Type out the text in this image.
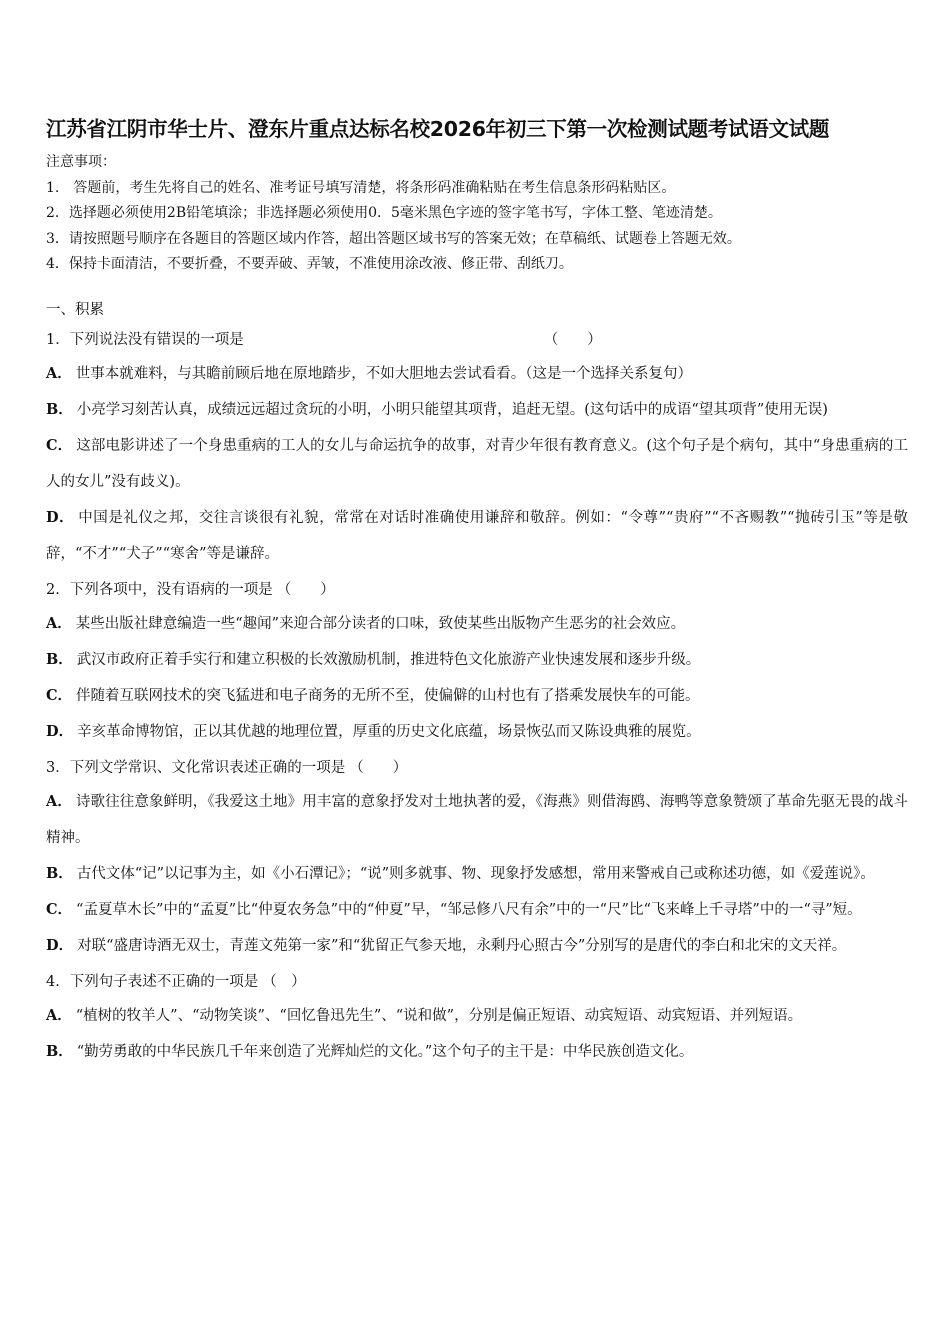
江苏省江阴市华士片、澄东片重点达标名校2026年初三下第一次检测试题考试语文试题
注意事项：
1.　答题前，考生先将自己的姓名、准考证号填写清楚，将条形码准确粘贴在考生信息条形码粘贴区。
2．选择题必须使用2B铅笔填涂；非选择题必须使用0．5毫米黑色字迹的签字笔书写，字体工整、笔迹清楚。
3．请按照题号顺序在各题目的答题区域内作答，超出答题区域书写的答案无效；在草稿纸、试题卷上答题无效。
4．保持卡面清洁，不要折叠，不要弄破、弄皱，不准使用涂改液、修正带、刮纸刀。
一、积累
1．下列说法没有错误的一项是	（　　）
A． 世事本就难料，与其瞻前顾后地在原地踏步，不如大胆地去尝试看看。（这是一个选择关系复句）
B． 小亮学习刻苦认真，成绩远远超过贪玩的小明，小明只能望其项背，追赶无望。(这句话中的成语“望其项背”使用无误)
C． 这部电影讲述了一个身患重病的工人的女儿与命运抗争的故事，对青少年很有教育意义。(这个句子是个病句，其中“身患重病的工人的女儿”没有歧义)。
D． 中国是礼仪之邦，交往言谈很有礼貌，常常在对话时准确使用谦辞和敬辞。例如：“令尊”“贵府”“不吝赐教”“抛砖引玉”等是敬辞，“不才”“犬子”“寒舍”等是谦辞。
2．下列各项中，没有语病的一项是 （　　）
A． 某些出版社肆意编造一些“趣闻”来迎合部分读者的口味，致使某些出版物产生恶劣的社会效应。
B． 武汉市政府正着手实行和建立积极的长效激励机制，推进特色文化旅游产业快速发展和逐步升级。
C． 伴随着互联网技术的突飞猛进和电子商务的无所不至，使偏僻的山村也有了搭乘发展快车的可能。
D． 辛亥革命博物馆，正以其优越的地理位置，厚重的历史文化底蕴，场景恢弘而又陈设典雅的展览。
3．下列文学常识、文化常识表述正确的一项是 （　　）
A． 诗歌往往意象鲜明，《我爱这土地》用丰富的意象抒发对土地执著的爱，《海燕》则借海鸥、海鸭等意象赞颂了革命先驱无畏的战斗精神。
B． 古代文体“记”以记事为主，如《小石潭记》；“说”则多就事、物、现象抒发感想，常用来警戒自己或称述功德，如《爱莲说》。
C． “孟夏草木长”中的“孟夏”比“仲夏农务急”中的“仲夏”早，“邹忌修八尺有余”中的一“尺”比“飞来峰上千寻塔”中的一“寻”短。
D． 对联“盛唐诗酒无双士，青莲文苑第一家”和“犹留正气参天地，永剩丹心照古今”分别写的是唐代的李白和北宋的文天祥。
4．下列句子表述不正确的一项是 （　）
A． “植树的牧羊人”、“动物笑谈”、“回忆鲁迅先生”、“说和做”，分别是偏正短语、动宾短语、动宾短语、并列短语。
B． “勤劳勇敢的中华民族几千年来创造了光辉灿烂的文化。”这个句子的主干是：中华民族创造文化。
